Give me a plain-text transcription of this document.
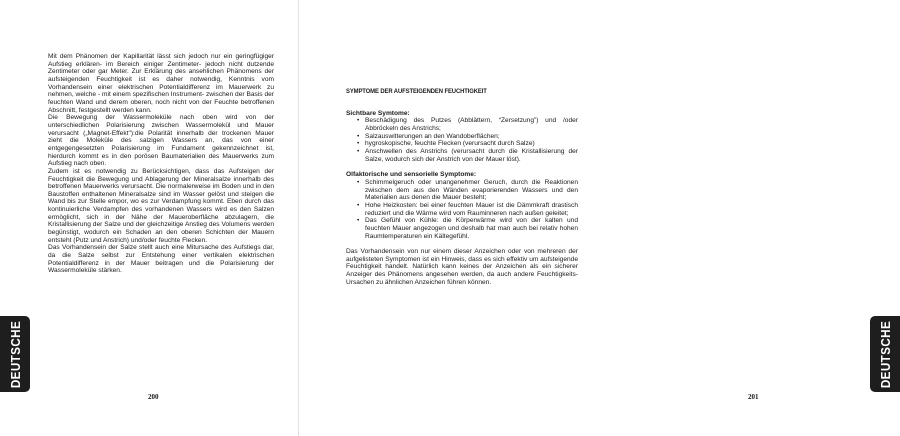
Mit dem Phänomen der Kapillarität lässt sich jedoch nur ein geringfügiger Aufstieg erklären- im Bereich einiger Zentimeter- jedoch nicht dutzende Zentimeter oder gar Meter. Zur Erklärung des ansehlichen Phänomens der aufsteigenden Feuchtigkeit ist es daher notwendig, Kenntnis vom Vorhandensein einer elektrischen Potentialdifferenz im Mauerwerk zu nehmen, welche - mit einem spezifischen Instrument- zwischen der Basis der feuchten Wand und derem oberen, noch nicht von der Feuchte betroffenen Abschnitt, festgestellt werden kann.

Die Bewegung der Wassermoleküle nach oben wird von der unterschiedlichen Polarisierung zwischen Wassermolekül und Mauer verursacht („Magnet-Effekt"):die Polarität innerhalb der trockenen Mauer zieht die Moleküle des salzigen Wassers an, das von einer entgegengesetzten Polarisierung im Fundament gekennzeichnet ist, hierdurch kommt es in den porösen Baumaterialien des Mauerwerks zum Aufstieg nach oben.

Zudem ist es notwendig zu Berücksichtigen, dass das Aufsteigen der Feuchtigkeit die Bewegung und Ablagerung der Mineralsalze innerhalb des betroffenen Mauerwerks verursacht. Die normalerweise im Boden und in den Baustoffen enthaltenen Mineralsalze sind im Wasser gelöst und steigen die Wand bis zur Stelle empor, wo es zur Verdampfung kommt. Eben durch das kontinuierliche Verdampfen des vorhandenen Wassers wird es den Salzen ermöglicht, sich in der Nähe der Maueroberfläche abzulagern, die Kristallisierung der Salze und der gleichzeitige Anstieg des Volumens werden begünstigt, wodurch ein Schaden an den oberen Schichten der Mauern entsteht (Putz und Anstrich) und/oder feuchte Flecken.

Das Vorhandensein der Salze stellt auch eine Mitursache des Aufstiegs dar, da die Salze selbst zur Entstehung einer vertikalen elektrischen Potentialdifferenz in der Mauer beitragen und die Polarisierung der Wassermoleküle stärken.

200
DEUTSCHE
SYMPTOME DER AUFSTEIGENDEN FEUCHTIGKEIT

Sichtbare Symtome:

• Beschädigung des Putzes (Abblättern, “Zersetzung”) und /oder Abbröckeln des Anstrichs;
• Salzauswitterungen an den Wandoberflächen;
• hygroskopische, feuchte Flecken (verursacht durch Salze)
• Anschwellen des Anstrichs (verursacht durch die Kristallisierung der Salze, wodurch sich der Anstrich von der Mauer löst).

Olfaktorische und sensorielle Symptome:

• Schimmelgeruch oder unangenehmer Geruch, durch die Reaktionen zwischen dem aus den Wänden evaporierenden Wassers und den Materialien aus denen die Mauer besteht;
• Hohe Heizkosten: bei einer feuchten Mauer ist die Dämmkraft drastisch reduziert und die Wärme wird vom Rauminneren nach außen geleitet;
• Das Gefühl von Kühle: die Körperwärme wird von der kalten und feuchten Mauer angezogen und deshalb hat man auch bei relativ hohen Raumtemperaturen ein Kältegefühl.

Das Vorhandensein von nur einem dieser Anzeichen oder von mehreren der aufgelisteten Symptomen ist ein Hinweis, dass es sich effektiv um aufsteigende Feuchtigkeit handelt. Natürlich kann keines der Anzeichen als ein sicherer Anzeiger des Phänomens angesehen werden, da auch andere Feuchtigkeits-Ursachen zu ähnlichen Anzeichen führen können.

201
DEUTSCHE
